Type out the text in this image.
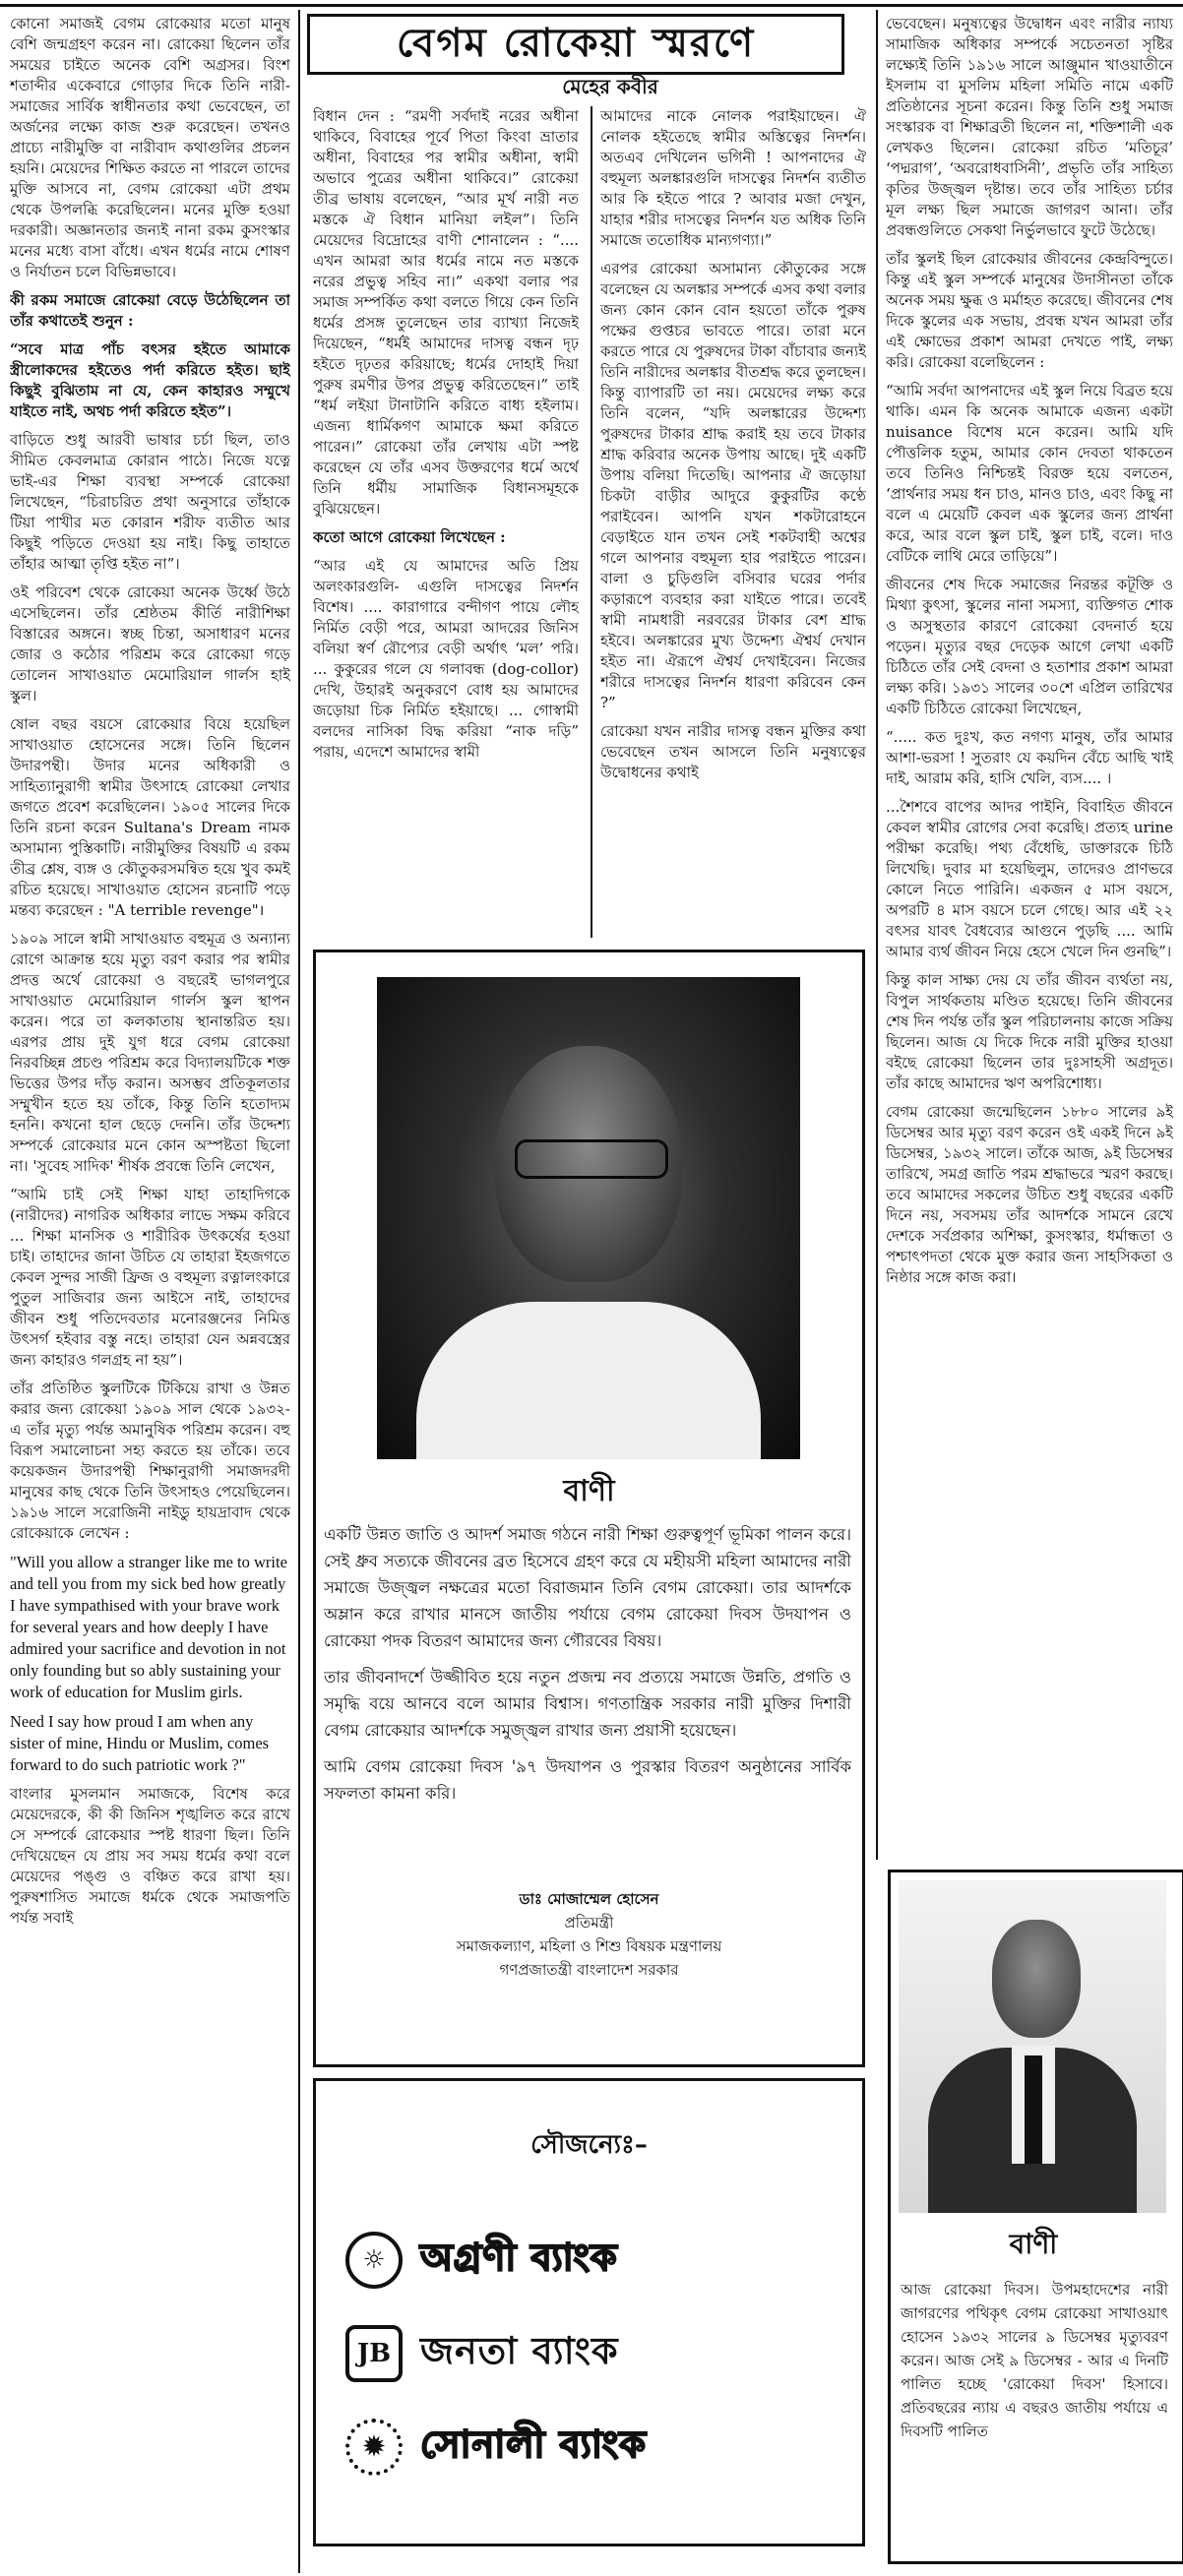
কোনো সমাজই বেগম রোকেয়ার মতো মানুষ বেশি জন্মগ্রহণ করেন না। রোকেয়া ছিলেন তাঁর সময়ের চাইতে অনেক বেশি অগ্রসর। বিংশ শতাব্দীর একেবারে গোড়ার দিকে তিনি নারী-সমাজের সার্বিক স্বাধীনতার কথা ভেবেছেন, তা অর্জনের লক্ষ্যে কাজ শুরু করেছেন। তখনও প্রাচ্যে নারীমুক্তি বা নারীবাদ কথাগুলির প্রচলন হয়নি। মেয়েদের শিক্ষিত করতে না পারলে তাদের মুক্তি আসবে না, বেগম রোকেয়া এটা প্রথম থেকে উপলব্ধি করেছিলেন। মনের মুক্তি হওয়া দরকারী। অজ্ঞানতার জন্যই নানা রকম কুসংস্কার মনের মধ্যে বাসা বাঁধে। এখন ধর্মের নামে শোষণ ও নির্যাতন চলে বিভিন্নভাবে।

কী রকম সমাজে রোকেয়া বেড়ে উঠেছিলেন তা তাঁর কথাতেই শুনুন :

“সবে মাত্র পাঁচ বৎসর হইতে আমাকে স্ত্রীলোকদের হইতেও পর্দা করিতে হইত। ছাই কিছুই বুঝিতাম না যে, কেন কাহারও সম্মুখে যাইতে নাই, অথচ পর্দা করিতে হইত”।

বাড়িতে শুধু আরবী ভাষার চর্চা ছিল, তাও সীমিত কেবলমাত্র কোরান পাঠে। নিজে যত্নে ভাই-এর শিক্ষা ব্যবস্থা সম্পর্কে রোকেয়া লিখেছেন, “চিরাচরিত প্রথা অনুসারে তাঁহাকে টিয়া পাখীর মত কোরান শরীফ ব্যতীত আর কিছুই পড়িতে দেওয়া হয় নাই। কিছু তাহাতে তাঁহার আত্মা তৃপ্তি হইত না”।

ওই পরিবেশ থেকে রোকেয়া অনেক উর্ধ্বে উঠে এসেছিলেন। তাঁর শ্রেষ্ঠতম কীর্তি নারীশিক্ষা বিস্তারের অঙ্গনে। স্বচ্ছ চিন্তা, অসাধারণ মনের জোর ও কঠোর পরিশ্রম করে রোকেয়া গড়ে তোলেন সাখাওয়াত মেমোরিয়াল গার্লস হাই স্কুল।

ষোল বছর বয়সে রোকেয়ার বিয়ে হয়েছিল সাখাওয়াত হোসেনের সঙ্গে। তিনি ছিলেন উদারপন্থী। উদার মনের অধিকারী ও সাহিত্যানুরাগী স্বামীর উৎসাহে রোকেয়া লেখার জগতে প্রবেশ করেছিলেন। ১৯০৫ সালের দিকে তিনি রচনা করেন Sultana's Dream নামক অসামান্য পুস্তিকাটি। নারীমুক্তির বিষয়টি এ রকম তীব্র শ্লেষ, ব্যঙ্গ ও কৌতুকরসমন্বিত হয়ে খুব কমই রচিত হয়েছে। সাখাওয়াত হোসেন রচনাটি পড়ে মন্তব্য করেছেন : "A terrible revenge"।

১৯০৯ সালে স্বামী সাখাওয়াত বহুমূত্র ও অন্যান্য রোগে আক্রান্ত হয়ে মৃত্যু বরণ করার পর স্বামীর প্রদত্ত অর্থে রোকেয়া ও বছরেই ভাগলপুরে সাখাওয়াত মেমোরিয়াল গার্লস স্কুল স্থাপন করেন। পরে তা কলকাতায় স্থানান্তরিত হয়। এরপর প্রায় দুই যুগ ধরে বেগম রোকেয়া নিরবচ্ছিন্ন প্রচণ্ড পরিশ্রম করে বিদ্যালয়টিকে শক্ত ভিত্তের উপর দাঁড় করান। অসম্ভব প্রতিকূলতার সম্মুখীন হতে হয় তাঁকে, কিন্তু তিনি হতোদ্যম হননি। কখনো হাল ছেড়ে দেননি। তাঁর উদ্দেশ্য সম্পর্কে রোকেয়ার মনে কোন অস্পষ্টতা ছিলো না। 'সুবেহ সাদিক' শীর্ষক প্রবন্ধে তিনি লেখেন,

“আমি চাই সেই শিক্ষা যাহা তাহাদিগকে (নারীদের) নাগরিক অধিকার লাভে সক্ষম করিবে ... শিক্ষা মানসিক ও শারীরিক উৎকর্ষের হওয়া চাই। তাহাদের জানা উচিত যে তাহারা ইহজগতে কেবল সুন্দর সাজী ফ্রিজ ও বহুমূল্য রত্নালংকারে পুতুল সাজিবার জন্য আইসে নাই, তাহাদের জীবন শুধু পতিদেবতার মনোরঞ্জনের নিমিত্ত উৎসর্গ হইবার বস্তু নহে। তাহারা যেন অন্নবস্ত্রের জন্য কাহারও গলগ্রহ না হয়”।

তাঁর প্রতিষ্ঠিত স্কুলটিকে টিকিয়ে রাখা ও উন্নত করার জন্য রোকেয়া ১৯০৯ সাল থেকে ১৯৩২- এ তাঁর মৃত্যু পর্যন্ত অমানুষিক পরিশ্রম করেন। বহু বিরূপ সমালোচনা সহ্য করতে হয় তাঁকে। তবে কয়েকজন উদারপন্থী শিক্ষানুরাগী সমাজদরদী মানুষের কাছ থেকে তিনি উৎসাহও পেয়েছিলেন। ১৯১৬ সালে সরোজিনী নাইডু হায়দ্রাবাদ থেকে রোকেয়াকে লেখেন :

"Will you allow a stranger like me to write and tell you from my sick bed how greatly I have sympathised with your brave work for several years and how deeply I have admired your sacrifice and devotion in not only founding but so ably sustaining your work of education for Muslim girls.

Need I say how proud I am when any sister of mine, Hindu or Muslim, comes forward to do such patriotic work ?"

বাংলার মুসলমান সমাজকে, বিশেষ করে মেয়েদেরকে, কী কী জিনিস শৃঙ্খলিত করে রাখে সে সম্পর্কে রোকেয়ার স্পষ্ট ধারণা ছিল। তিনি দেখিয়েছেন যে প্রায় সব সময় ধর্মের কথা বলে মেয়েদের পঙ্গু ও বঞ্চিত করে রাখা হয়। পুরুষশাসিত সমাজে ধর্মকে থেকে সমাজপতি পর্যন্ত সবাই

বেগম রোকেয়া স্মরণে
মেহের কবীর

বিধান দেন : “রমণী সর্বদাই নরের অধীনা থাকিবে, বিবাহের পূর্বে পিতা কিংবা ভ্রাতার অধীনা, বিবাহের পর স্বামীর অধীনা, স্বামী অভাবে পুত্রের অধীনা থাকিবে।” রোকেয়া তীব্র ভাষায় বলেছেন, “আর মূর্খ নারী নত মস্তকে ঐ বিধান মানিয়া লইল”। তিনি মেয়েদের বিদ্রোহের বাণী শোনালেন : “.... এখন আমরা আর ধর্মের নামে নত মস্তকে নরের প্রভুত্ব সহিব না।” একথা বলার পর সমাজ সম্পর্কিত কথা বলতে গিয়ে কেন তিনি ধর্মের প্রসঙ্গ তুলেছেন তার ব্যাখ্যা নিজেই দিয়েছেন, “ধর্মই আমাদের দাসত্ব বন্ধন দৃঢ় হইতে দৃঢ়তর করিয়াছে; ধর্মের দোহাই দিয়া পুরুষ রমণীর উপর প্রভুত্ব করিতেছেন।” তাই “ধর্ম লইয়া টানাটানি করিতে বাধ্য হইলাম। এজন্য ধার্মিকগণ আমাকে ক্ষমা করিতে পারেন।” রোকেয়া তাঁর লেখায় এটা স্পষ্ট করেছেন যে তাঁর এসব উক্তরণের ধর্মে অর্থে তিনি ধর্মীয় সামাজিক বিধানসমূহকে বুঝিয়েছেন।

কতো আগে রোকেয়া লিখেছেন :

“আর এই যে আমাদের অতি প্রিয় অলংকারগুলি- এগুলি দাসত্বের নিদর্শন বিশেষ। .... কারাগারে বন্দীগণ পায়ে লৌহ নির্মিত বেড়ী পরে, আমরা আদরের জিনিস বলিয়া স্বর্ণ রৌপ্যের বেড়ী অর্থাৎ ‘মল’ পরি। ... কুকুরের গলে যে গলাবন্ধ (dog-collor) দেখি, উহারই অনুকরণে বোধ হয় আমাদের জড়োয়া চিক নির্মিত হইয়াছে। ... গোস্বামী বলদের নাসিকা বিদ্ধ করিয়া “নাক দড়ি” পরায়, এদেশে আমাদের স্বামী

আমাদের নাকে নোলক পরাইয়াছেন। ঐ নোলক হইতেছে স্বামীর অস্তিত্বের নিদর্শন। অতএব দেখিলেন ভগিনী ! আপনাদের ঐ বহুমূল্য অলঙ্কারগুলি দাসত্বের নিদর্শন ব্যতীত আর কি হইতে পারে ? আবার মজা দেখুন, যাহার শরীর দাসত্বের নিদর্শন যত অধিক তিনি সমাজে ততোধিক মান্যগণ্যা।”

এরপর রোকেয়া অসামান্য কৌতুকের সঙ্গে বলেছেন যে অলঙ্কার সম্পর্কে এসব কথা বলার জন্য কোন কোন বোন হয়তো তাঁকে পুরুষ পক্ষের গুপ্তচর ভাবতে পারে। তারা মনে করতে পারে যে পুরুষদের টাকা বাঁচাবার জন্যই তিনি নারীদের অলঙ্কার বীতশ্রদ্ধ করে তুলছেন। কিন্তু ব্যাপারটি তা নয়। মেয়েদের লক্ষ্য করে তিনি বলেন, “যদি অলঙ্কারের উদ্দেশ্য পুরুষদের টাকার শ্রাদ্ধ করাই হয় তবে টাকার শ্রাদ্ধ করিবার অনেক উপায় আছে। দুই একটি উপায় বলিয়া দিতেছি। আপনার ঐ জড়োয়া চিকটা বাড়ীর আদুরে কুকুরটির কণ্ঠে পরাইবেন। আপনি যখন শকটারোহনে বেড়াইতে যান তখন সেই শকটবাহী অশ্বের গলে আপনার বহুমূল্য হার পরাইতে পারেন। বালা ও চুড়িগুলি বসিবার ঘরের পর্দার কড়ারূপে ব্যবহার করা যাইতে পারে। তবেই স্বামী নামধারী নরবরের টাকার বেশ শ্রাদ্ধ হইবে। অলঙ্কারের মুখ্য উদ্দেশ্য ঐশ্বর্য দেখান হইত না। ঐরূপে ঐশ্বর্য দেখাইবেন। নিজের শরীরে দাসত্বের নিদর্শন ধারণা করিবেন কেন ?”

রোকেয়া যখন নারীর দাসত্ব বন্ধন মুক্তির কথা ভেবেছেন তখন আসলে তিনি মনুষ্যত্বের উদ্বোধনের কথাই

ভেবেছেন। মনুষ্যত্বের উদ্বোধন এবং নারীর ন্যায্য সামাজিক অধিকার সম্পর্কে সচেতনতা সৃষ্টির লক্ষ্যেই তিনি ১৯১৬ সালে আঞ্জুমান খাওয়াতীনে ইসলাম বা মুসলিম মহিলা সমিতি নামে একটি প্রতিষ্ঠানের সূচনা করেন। কিন্তু তিনি শুধু সমাজ সংস্কারক বা শিক্ষাব্রতী ছিলেন না, শক্তিশালী এক লেখকও ছিলেন। রোকেয়া রচিত ‘মতিচূর’ ‘পদ্মরাগ’, ‘অবরোধবাসিনী’, প্রভৃতি তাঁর সাহিত্য কৃতির উজ্জ্বল দৃষ্টান্ত। তবে তাঁর সাহিত্য চর্চার মূল লক্ষ্য ছিল সমাজে জাগরণ আনা। তাঁর প্রবন্ধগুলিতে সেকথা নির্ভুলভাবে ফুটে উঠেছে।

তাঁর স্কুলই ছিল রোকেয়ার জীবনের কেন্দ্রবিন্দুতে। কিন্তু এই স্কুল সম্পর্কে মানুষের উদাসীনতা তাঁকে অনেক সময় ক্ষুব্ধ ও মর্মাহত করেছে। জীবনের শেষ দিকে স্কুলের এক সভায়, প্রবন্ধ যখন আমরা তাঁর এই ক্ষোভের প্রকাশ আমরা দেখতে পাই, লক্ষ্য করি। রোকেয়া বলেছিলেন :

“আমি সর্বদা আপনাদের এই স্কুল নিয়ে বিব্রত হয়ে থাকি। এমন কি অনেক আমাকে এজন্য একটা nuisance বিশেষ মনে করেন। আমি যদি পৌত্তলিক হতুম, আমার কোন দেবতা থাকতেন তবে তিনিও নিশ্চিন্তই বিরক্ত হয়ে বলতেন, ‘প্রার্থনার সময় ধন চাও, মানও চাও, এবং কিছু না বলে এ মেয়েটি কেবল এক স্কুলের জন্য প্রার্থনা করে, আর বলে স্কুল চাই, স্কুল চাই, বলে। দাও বেটিকে লাথি মেরে তাড়িয়ে”।

জীবনের শেষ দিকে সমাজের নিরন্তর কটূক্তি ও মিথ্যা কুৎসা, স্কুলের নানা সমস্যা, ব্যক্তিগত শোক ও অসুস্থতার কারণে রোকেয়া বেদনার্ত হয়ে পড়েন। মৃত্যুর বছর দেড়েক আগে লেখা একটি চিঠিতে তাঁর সেই বেদনা ও হতাশার প্রকাশ আমরা লক্ষ্য করি। ১৯৩১ সালের ৩০শে এপ্রিল তারিখের একটি চিঠিতে রোকেয়া লিখেছেন,

“..... কত দুঃখ, কত নগণ্য মানুষ, তাঁর আমার আশা-ভরসা ! সুতরাং যে কয়দিন বেঁচে আছি খাই দাই, আরাম করি, হাসি খেলি, ব্যস.... ।

...শৈশবে বাপের আদর পাইনি, বিবাহিত জীবনে কেবল স্বামীর রোগের সেবা করেছি। প্রত্যহ urine পরীক্ষা করেছি। পথ্য বেঁধেছি, ডাক্তারকে চিঠি লিখেছি। দুবার মা হয়েছিলুম, তাদেরও প্রাণভরে কোলে নিতে পারিনি। একজন ৫ মাস বয়সে, অপরটি ৪ মাস বয়সে চলে গেছে। আর এই ২২ বৎসর যাবৎ বৈধব্যের আগুনে পুড়ছি .... আমি আমার ব্যর্থ জীবন নিয়ে হেসে খেলে দিন গুনছি”।

কিন্তু কাল সাক্ষ্য দেয় যে তাঁর জীবন ব্যর্থতা নয়, বিপুল সার্থকতায় মণ্ডিত হয়েছে। তিনি জীবনের শেষ দিন পর্যন্ত তাঁর স্কুল পরিচালনায় কাজে সক্রিয় ছিলেন। আজ যে দিকে দিকে নারী মুক্তির হাওয়া বইছে রোকেয়া ছিলেন তার দুঃসাহসী অগ্রদূত। তাঁর কাছে আমাদের ঋণ অপরিশোধ্য।

বেগম রোকেয়া জন্মেছিলেন ১৮৮০ সালের ৯ই ডিসেম্বর আর মৃত্যু বরণ করেন ওই একই দিনে ৯ই ডিসেম্বর, ১৯৩২ সালে। তাঁকে আজ, ৯ই ডিসেম্বর তারিখে, সমগ্র জাতি পরম শ্রদ্ধাভরে স্মরণ করছে। তবে আমাদের সকলের উচিত শুধু বছরের একটি দিনে নয়, সবসময় তাঁর আদর্শকে সামনে রেখে দেশকে সর্বপ্রকার অশিক্ষা, কুসংস্কার, ধর্মান্ধতা ও পশ্চাৎপদতা থেকে মুক্ত করার জন্য সাহসিকতা ও নিষ্ঠার সঙ্গে কাজ করা।

বাণী

একটি উন্নত জাতি ও আদর্শ সমাজ গঠনে নারী শিক্ষা গুরুত্বপূর্ণ ভূমিকা পালন করে। সেই ধ্রুব সত্যকে জীবনের ব্রত হিসেবে গ্রহণ করে যে মহীয়সী মহিলা আমাদের নারী সমাজে উজ্জ্বল নক্ষত্রের মতো বিরাজমান তিনি বেগম রোকেয়া। তার আদর্শকে অম্লান করে রাখার মানসে জাতীয় পর্যায়ে বেগম রোকেয়া দিবস উদযাপন ও রোকেয়া পদক বিতরণ আমাদের জন্য গৌরবের বিষয়।

তার জীবনাদর্শে উজ্জীবিত হয়ে নতুন প্রজন্ম নব প্রত্যয়ে সমাজে উন্নতি, প্রগতি ও সমৃদ্ধি বয়ে আনবে বলে আমার বিশ্বাস। গণতান্ত্রিক সরকার নারী মুক্তির দিশারী বেগম রোকেয়ার আদর্শকে সমুজ্জ্বল রাখার জন্য প্রয়াসী হয়েছেন।

আমি বেগম রোকেয়া দিবস '৯৭ উদযাপন ও পুরস্কার বিতরণ অনুষ্ঠানের সার্বিক সফলতা কামনা করি।

ডাঃ মোজাম্মেল হোসেন
প্রতিমন্ত্রী
সমাজকল্যাণ, মহিলা ও শিশু বিষয়ক মন্ত্রণালয়
গণপ্রজাতন্ত্রী বাংলাদেশ সরকার
সৌজন্যেঃ–
☼ অগ্রণী ব্যাংক
JB জনতা ব্যাংক
✹ সোনালী ব্যাংক
বাণী
আজ রোকেয়া দিবস। উপমহাদেশের নারী জাগরণের পথিকৃৎ বেগম রোকেয়া সাখাওয়াৎ হোসেন ১৯৩২ সালের ৯ ডিসেম্বর মৃত্যুবরণ করেন। আজ সেই ৯ ডিসেম্বর - আর এ দিনটি পালিত হচ্ছে 'রোকেয়া দিবস' হিসাবে। প্রতিবছরের ন্যায় এ বছরও জাতীয় পর্যায়ে এ দিবসটি পালিত
